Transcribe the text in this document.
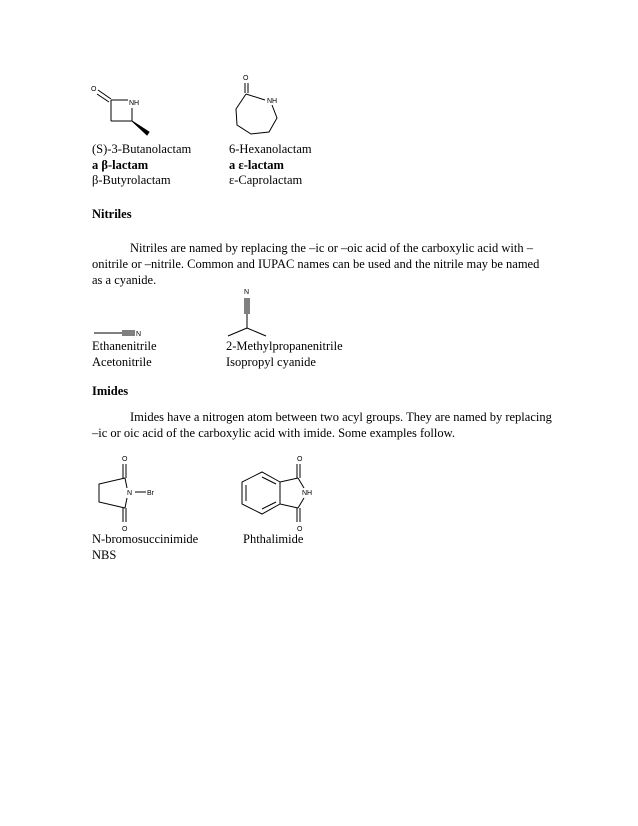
O
NH
O
NH
(S)-3-Butanolactam
a β-lactam
β-Butyrolactam
6-Hexanolactam
a ε-lactam
ε-Caprolactam
Nitriles

Nitriles are named by replacing the –ic or –oic acid of the carboxylic acid with –onitrile or –nitrile. Common and IUPAC names can be used and the nitrile may be named as a cyanide.

N
N
Ethanenitrile
Acetonitrile
2-Methylpropanenitrile
Isopropyl cyanide
Imides

Imides have a nitrogen atom between two acyl groups. They are named by replacing –ic or oic acid of the carboxylic acid with imide. Some examples follow.

O
O
N Br
O
O
NH
N-bromosuccinimide
NBS
Phthalimide
